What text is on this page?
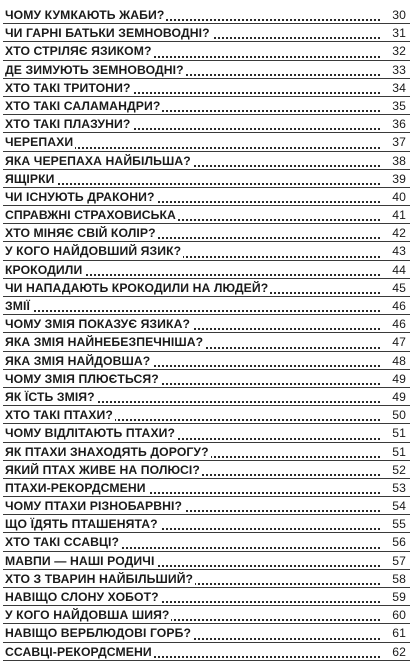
ЧОМУ КУМКАЮТЬ ЖАБИ?	30
ЧИ ГАРНІ БАТЬКИ ЗЕМНОВОДНІ?	31
ХТО СТРІЛЯЄ ЯЗИКОМ?	32
ДЕ ЗИМУЮТЬ ЗЕМНОВОДНІ?	33
ХТО ТАКІ ТРИТОНИ?	34
ХТО ТАКІ САЛАМАНДРИ?	35
ХТО ТАКІ ПЛАЗУНИ?	36
ЧЕРЕПАХИ	37
ЯКА ЧЕРЕПАХА НАЙБІЛЬША?	38
ЯЩІРКИ	39
ЧИ ІСНУЮТЬ ДРАКОНИ?	40
СПРАВЖНІ СТРАХОВИСЬКА	41
ХТО МІНЯЄ СВІЙ КОЛІР?	42
У КОГО НАЙДОВШИЙ ЯЗИК?	43
КРОКОДИЛИ	44
ЧИ НАПАДАЮТЬ КРОКОДИЛИ НА ЛЮДЕЙ?	45
ЗМІЇ	46
ЧОМУ ЗМІЯ ПОКАЗУЄ ЯЗИКА?	46
ЯКА ЗМІЯ НАЙНЕБЕЗПЕЧНІША?	47
ЯКА ЗМІЯ НАЙДОВША?	48
ЧОМУ ЗМІЯ ПЛЮЄТЬСЯ?	49
ЯК ЇСТЬ ЗМІЯ?	49
ХТО ТАКІ ПТАХИ?	50
ЧОМУ ВІДЛІТАЮТЬ ПТАХИ?	51
ЯК ПТАХИ ЗНАХОДЯТЬ ДОРОГУ?	51
ЯКИЙ ПТАХ ЖИВЕ НА ПОЛЮСІ?	52
ПТАХИ-РЕКОРДСМЕНИ	53
ЧОМУ ПТАХИ РІЗНОБАРВНІ?	54
ЩО ЇДЯТЬ ПТАШЕНЯТА?	55
ХТО ТАКІ ССАВЦІ?	56
МАВПИ — НАШІ РОДИЧІ	57
ХТО З ТВАРИН НАЙБІЛЬШИЙ?	58
НАВІЩО СЛОНУ ХОБОТ?	59
У КОГО НАЙДОВША ШИЯ?	60
НАВІЩО ВЕРБЛЮДОВІ ГОРБ?	61
ССАВЦІ-РЕКОРДСМЕНИ	62
